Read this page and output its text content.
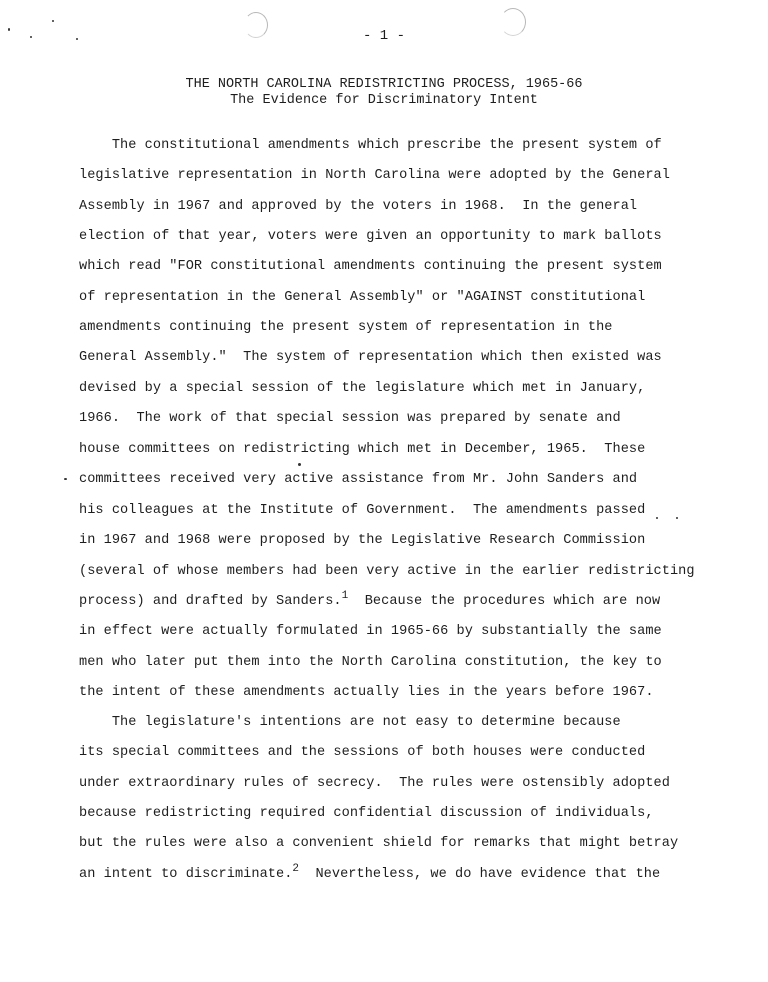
- 1 -
THE NORTH CAROLINA REDISTRICTING PROCESS, 1965-66
The Evidence for Discriminatory Intent
The constitutional amendments which prescribe the present system of
legislative representation in North Carolina were adopted by the General
Assembly in 1967 and approved by the voters in 1968.  In the general
election of that year, voters were given an opportunity to mark ballots
which read "FOR constitutional amendments continuing the present system
of representation in the General Assembly" or "AGAINST constitutional
amendments continuing the present system of representation in the
General Assembly."  The system of representation which then existed was
devised by a special session of the legislature which met in January,
1966.  The work of that special session was prepared by senate and
house committees on redistricting which met in December, 1965.  These
committees received very active assistance from Mr. John Sanders and
his colleagues at the Institute of Government.  The amendments passed
in 1967 and 1968 were proposed by the Legislative Research Commission
(several of whose members had been very active in the earlier redistricting
process) and drafted by Sanders.$^1$  Because the procedures which are now
in effect were actually formulated in 1965-66 by substantially the same
men who later put them into the North Carolina constitution, the key to
the intent of these amendments actually lies in the years before 1967.
The legislature's intentions are not easy to determine because
its special committees and the sessions of both houses were conducted
under extraordinary rules of secrecy.  The rules were ostensibly adopted
because redistricting required confidential discussion of individuals,
but the rules were also a convenient shield for remarks that might betray
an intent to discriminate.$^2$  Nevertheless, we do have evidence that the
